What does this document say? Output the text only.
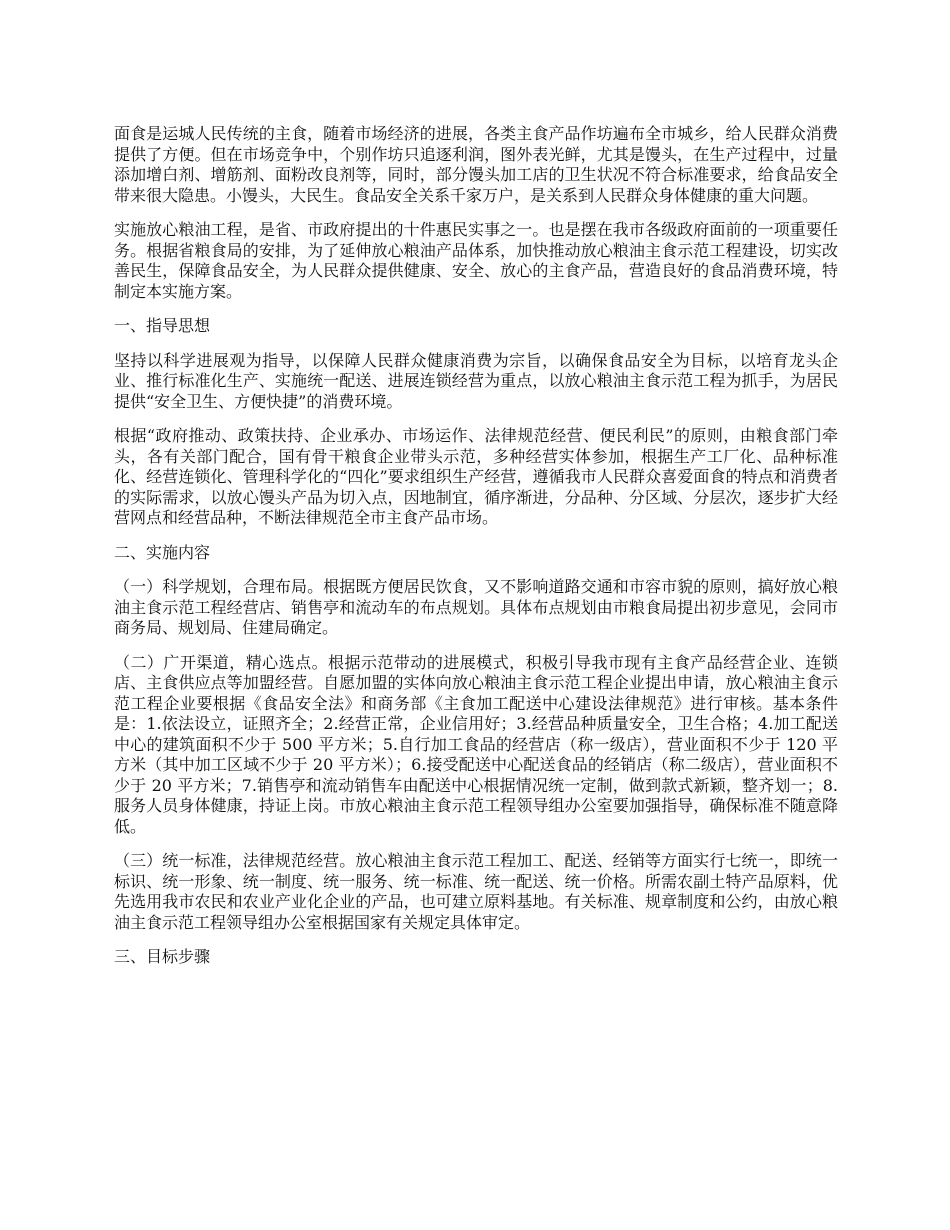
面食是运城人民传统的主食，随着市场经济的进展，各类主食产品作坊遍布全市城乡，给人民群众消费提供了方便。但在市场竞争中，个别作坊只追逐利润，图外表光鲜，尤其是馒头，在生产过程中，过量添加增白剂、增筋剂、面粉改良剂等，同时，部分馒头加工店的卫生状况不符合标准要求，给食品安全带来很大隐患。小馒头，大民生。食品安全关系千家万户，是关系到人民群众身体健康的重大问题。

实施放心粮油工程，是省、市政府提出的十件惠民实事之一。也是摆在我市各级政府面前的一项重要任务。根据省粮食局的安排，为了延伸放心粮油产品体系，加快推动放心粮油主食示范工程建设，切实改善民生，保障食品安全，为人民群众提供健康、安全、放心的主食产品，营造良好的食品消费环境，特制定本实施方案。

一、指导思想

坚持以科学进展观为指导，以保障人民群众健康消费为宗旨，以确保食品安全为目标，以培育龙头企业、推行标准化生产、实施统一配送、进展连锁经营为重点，以放心粮油主食示范工程为抓手，为居民提供“安全卫生、方便快捷”的消费环境。

根据“政府推动、政策扶持、企业承办、市场运作、法律规范经营、便民利民”的原则，由粮食部门牵头，各有关部门配合，国有骨干粮食企业带头示范，多种经营实体参加，根据生产工厂化、品种标准化、经营连锁化、管理科学化的“四化”要求组织生产经营，遵循我市人民群众喜爱面食的特点和消费者的实际需求，以放心馒头产品为切入点，因地制宜，循序渐进，分品种、分区域、分层次，逐步扩大经营网点和经营品种，不断法律规范全市主食产品市场。

二、实施内容

（一）科学规划，合理布局。根据既方便居民饮食，又不影响道路交通和市容市貌的原则，搞好放心粮油主食示范工程经营店、销售亭和流动车的布点规划。具体布点规划由市粮食局提出初步意见，会同市商务局、规划局、住建局确定。

（二）广开渠道，精心选点。根据示范带动的进展模式，积极引导我市现有主食产品经营企业、连锁店、主食供应点等加盟经营。自愿加盟的实体向放心粮油主食示范工程企业提出申请，放心粮油主食示范工程企业要根据《食品安全法》和商务部《主食加工配送中心建设法律规范》进行审核。基本条件是：1.依法设立，证照齐全；2.经营正常，企业信用好；3.经营品种质量安全，卫生合格；4.加工配送中心的建筑面积不少于 500 平方米；5.自行加工食品的经营店（称一级店），营业面积不少于 120 平方米（其中加工区域不少于 20 平方米）；6.接受配送中心配送食品的经销店（称二级店），营业面积不少于 20 平方米；7.销售亭和流动销售车由配送中心根据情况统一定制，做到款式新颖，整齐划一；8.服务人员身体健康，持证上岗。市放心粮油主食示范工程领导组办公室要加强指导，确保标准不随意降低。

（三）统一标准，法律规范经营。放心粮油主食示范工程加工、配送、经销等方面实行七统一，即统一标识、统一形象、统一制度、统一服务、统一标准、统一配送、统一价格。所需农副土特产品原料，优先选用我市农民和农业产业化企业的产品，也可建立原料基地。有关标准、规章制度和公约，由放心粮油主食示范工程领导组办公室根据国家有关规定具体审定。

三、目标步骤
